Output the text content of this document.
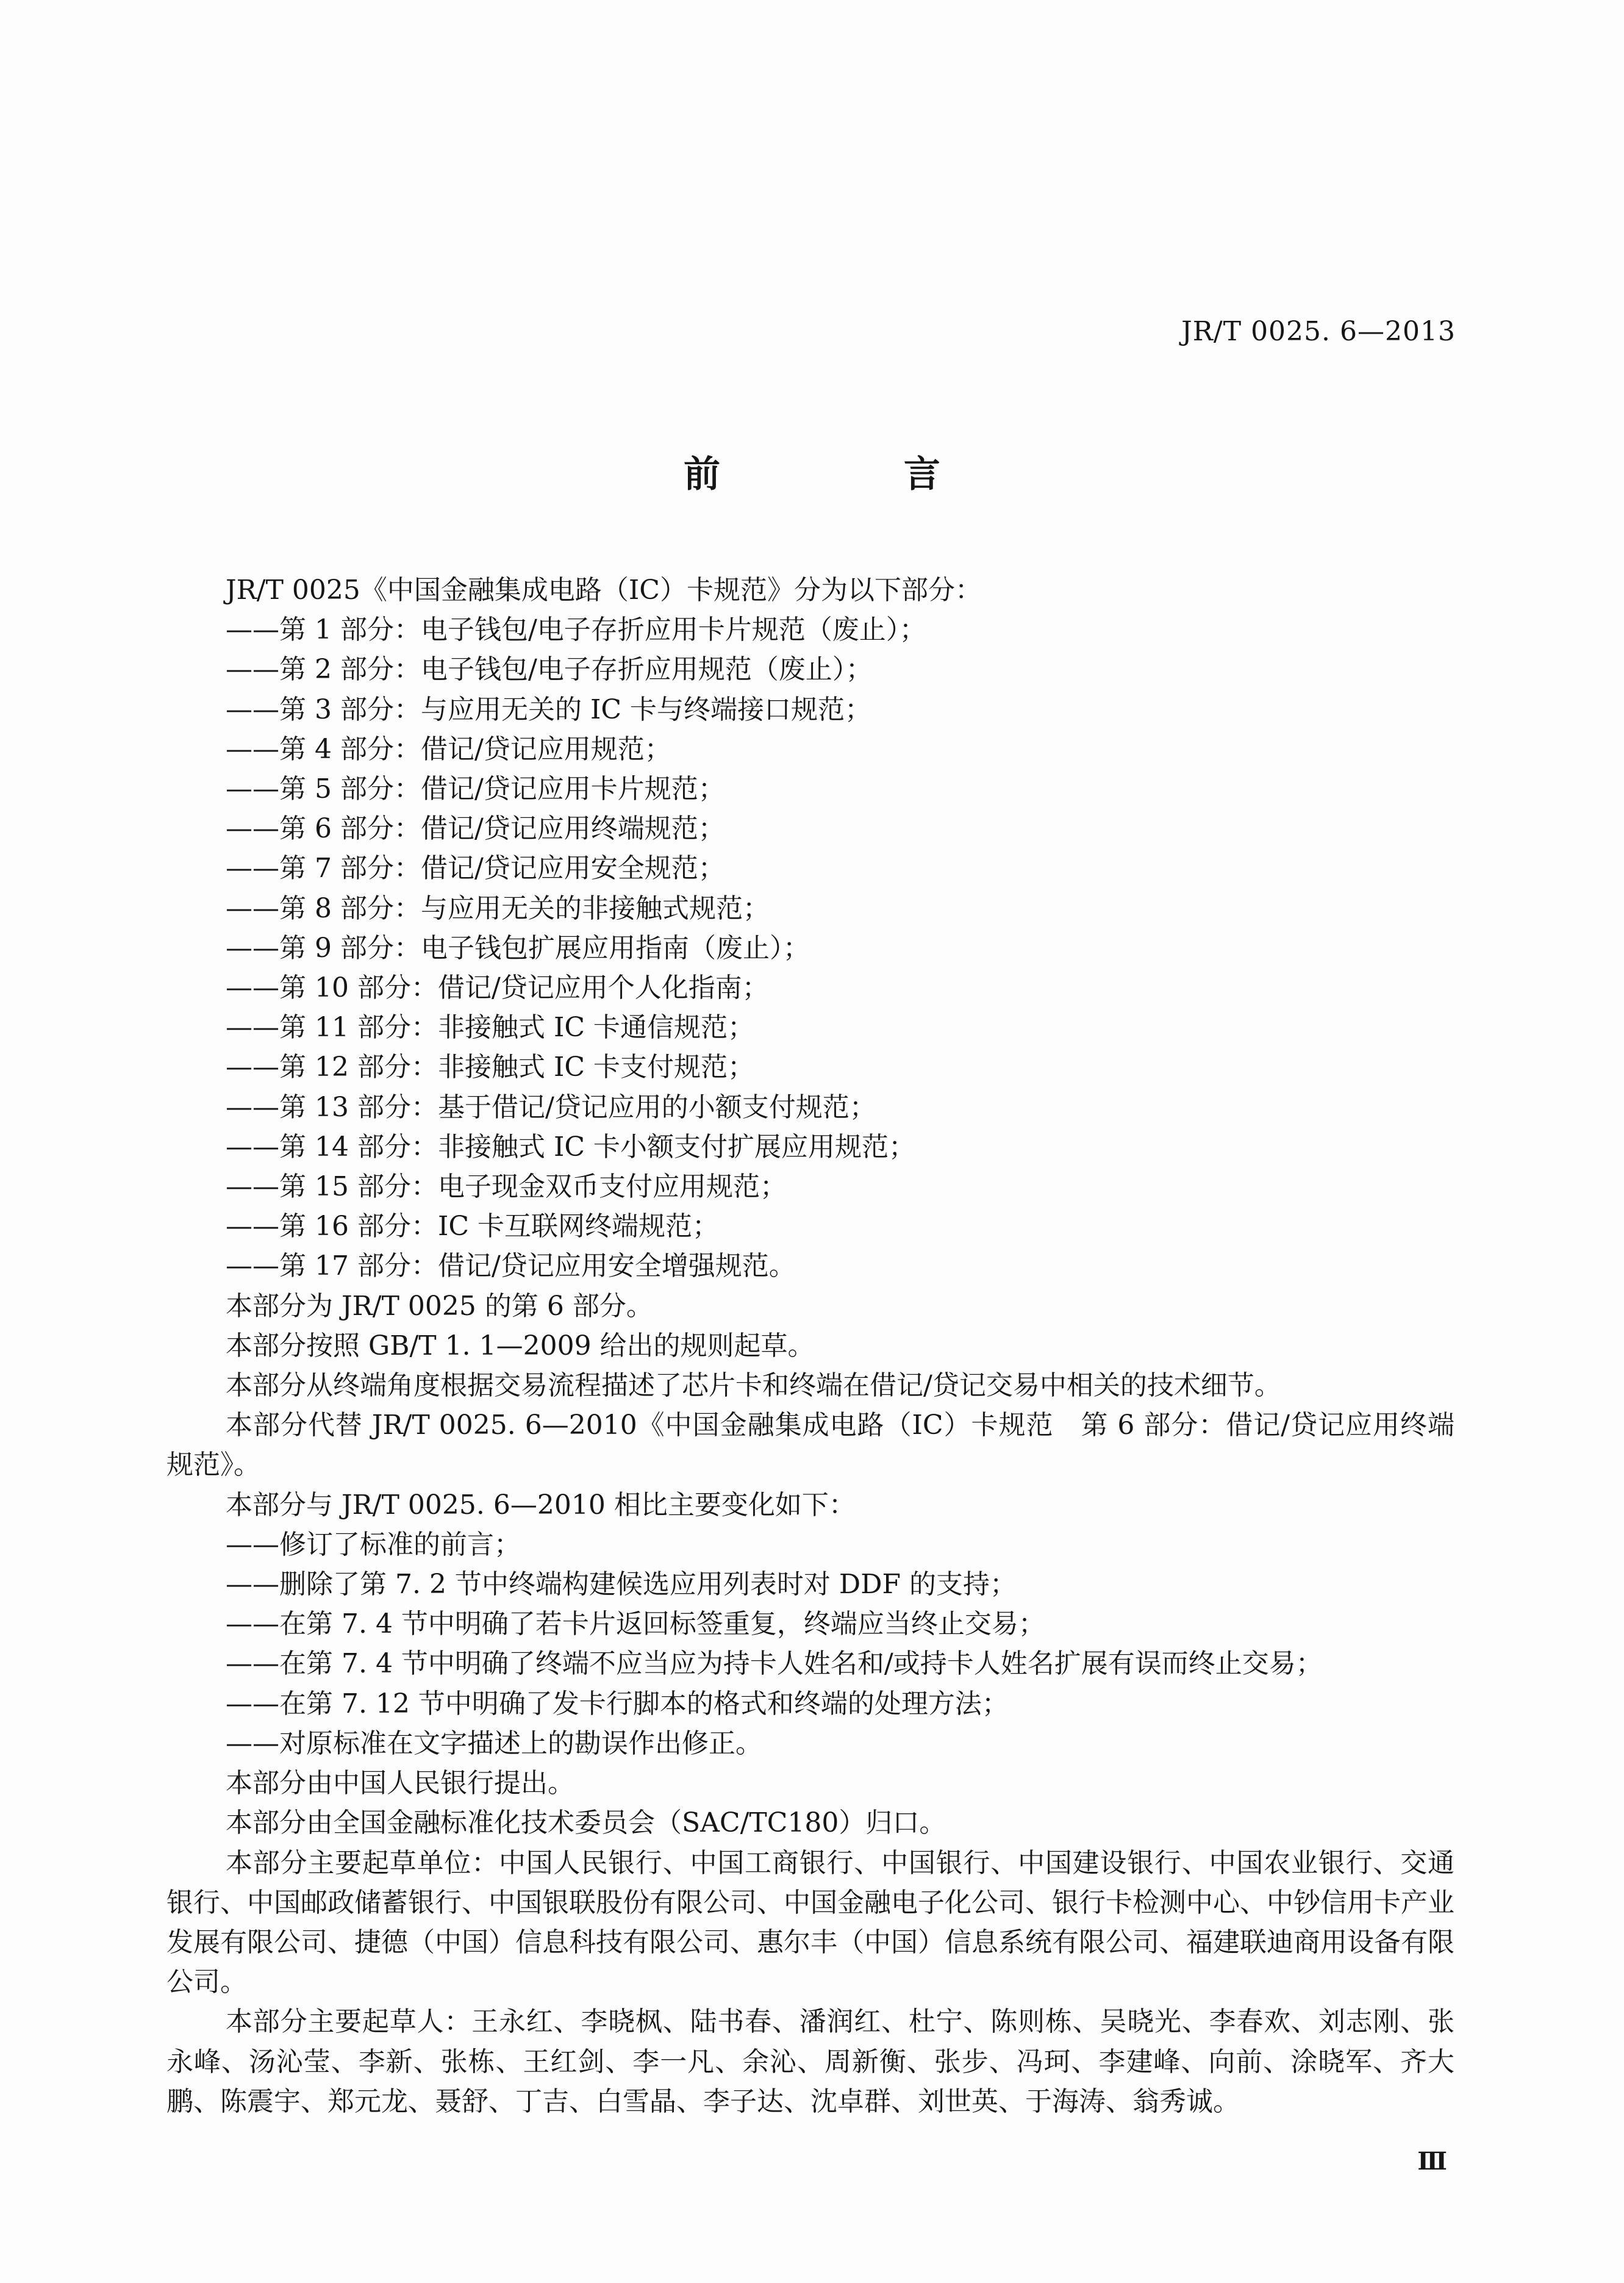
JR/T 0025. 6—2013
前 言

JR/T 0025《中国金融集成电路（IC）卡规范》分为以下部分：

——第 1 部分：电子钱包/电子存折应用卡片规范（废止）；

——第 2 部分：电子钱包/电子存折应用规范（废止）；

——第 3 部分：与应用无关的 IC 卡与终端接口规范；

——第 4 部分：借记/贷记应用规范；

——第 5 部分：借记/贷记应用卡片规范；

——第 6 部分：借记/贷记应用终端规范；

——第 7 部分：借记/贷记应用安全规范；

——第 8 部分：与应用无关的非接触式规范；

——第 9 部分：电子钱包扩展应用指南（废止）；

——第 10 部分：借记/贷记应用个人化指南；

——第 11 部分：非接触式 IC 卡通信规范；

——第 12 部分：非接触式 IC 卡支付规范；

——第 13 部分：基于借记/贷记应用的小额支付规范；

——第 14 部分：非接触式 IC 卡小额支付扩展应用规范；

——第 15 部分：电子现金双币支付应用规范；

——第 16 部分：IC 卡互联网终端规范；

——第 17 部分：借记/贷记应用安全增强规范。

本部分为 JR/T 0025 的第 6 部分。

本部分按照 GB/T 1. 1—2009 给出的规则起草。

本部分从终端角度根据交易流程描述了芯片卡和终端在借记/贷记交易中相关的技术细节。

本部分代替 JR/T 0025. 6—2010《中国金融集成电路（IC）卡规范　第 6 部分：借记/贷记应用终端规范》。

本部分与 JR/T 0025. 6—2010 相比主要变化如下：

——修订了标准的前言；

——删除了第 7. 2 节中终端构建候选应用列表时对 DDF 的支持；

——在第 7. 4 节中明确了若卡片返回标签重复，终端应当终止交易；

——在第 7. 4 节中明确了终端不应当应为持卡人姓名和/或持卡人姓名扩展有误而终止交易；

——在第 7. 12 节中明确了发卡行脚本的格式和终端的处理方法；

——对原标准在文字描述上的勘误作出修正。

本部分由中国人民银行提出。

本部分由全国金融标准化技术委员会（SAC/TC180）归口。

本部分主要起草单位：中国人民银行、中国工商银行、中国银行、中国建设银行、中国农业银行、交通银行、中国邮政储蓄银行、中国银联股份有限公司、中国金融电子化公司、银行卡检测中心、中钞信用卡产业发展有限公司、捷德（中国）信息科技有限公司、惠尔丰（中国）信息系统有限公司、福建联迪商用设备有限公司。

本部分主要起草人：王永红、李晓枫、陆书春、潘润红、杜宁、陈则栋、吴晓光、李春欢、刘志刚、张永峰、汤沁莹、李新、张栋、王红剑、李一凡、余沁、周新衡、张步、冯珂、李建峰、向前、涂晓军、齐大鹏、陈震宇、郑元龙、聂舒、丁吉、白雪晶、李子达、沈卓群、刘世英、于海涛、翁秀诚。

Ⅲ
